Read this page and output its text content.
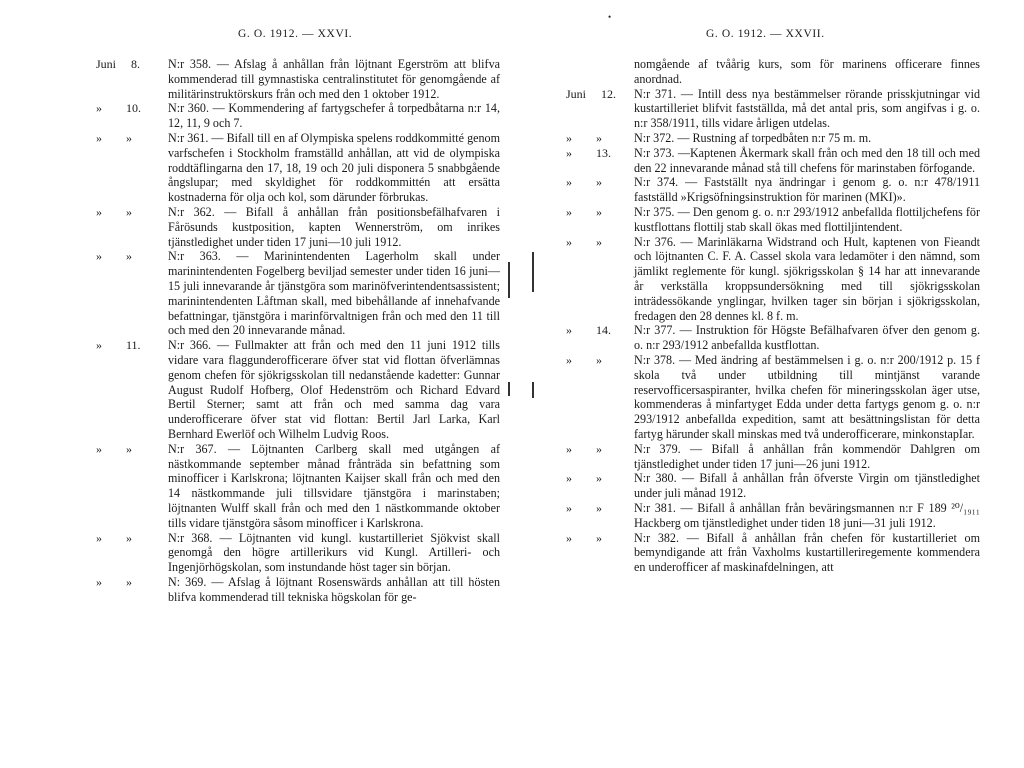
G. O. 1912. — XXVI.
Juni     8. N:r 358. — Afslag å anhållan från löjtnant Egerström att blifva kommenderad till gymnastiska centralinstitutet för genomgående af militärinstruktörskurs från och med den 1 oktober 1912.
»        10. N:r 360. — Kommendering af fartygschefer å torpedbåtarna n:r 14, 12, 11, 9 och 7.
»        »	N:r 361. — Bifall till en af Olympiska spelens roddkommitté genom varfschefen i Stockholm framställd anhållan, att vid de olympiska roddtäflingarna den 17, 18, 19 och 20 juli disponera 5 snabbgående ångslupar; med skyldighet för roddkommittén att ersätta kostnaderna för olja och kol, som därunder förbrukas.
»        »	N:r 362. — Bifall å anhållan från positionsbefälhafvaren i Fårösunds kustposition, kapten Wennerström, om inrikes tjänstledighet under tiden 17 juni—10 juli 1912.
»        »	N:r 363. — Marinintendenten Lagerholm skall under marinintendenten Fogelberg beviljad semester under tiden 16 juni—15 juli innevarande år tjänstgöra som marinöfverintendentsassistent; marinintendenten Låftman skall, med bibehållande af innehafvande befattningar, tjänstgöra i marinförvaltnigen från och med den 11 till och med den 20 innevarande månad.
»        11. N:r 366. — Fullmakter att från och med den 11 juni 1912 tills vidare vara flaggunderofficerare öfver stat vid flottan öfverlämnas genom chefen för sjökrigsskolan till nedanstående kadetter: Gunnar August Rudolf Hofberg, Olof Hedenström och Richard Edvard Bertil Sterner; samt att från och med samma dag vara underofficerare öfver stat vid flottan: Bertil Jarl Larka, Karl Bernhard Ewerlöf och Wilhelm Ludvig Roos.
»        »	N:r 367. — Löjtnanten Carlberg skall med utgången af nästkommande september månad frånträda sin befattning som minofficer i Karlskrona; löjtnanten Kaijser skall från och med den 14 nästkommande juli tillsvidare tjänstgöra i marinstaben; löjtnanten Wulff skall från och med den 1 nästkommande oktober tills vidare tjänstgöra såsom minofficer i Karlskrona.
»        »	N:r 368. — Löjtnanten vid kungl. kustartilleriet Sjökvist skall genomgå den högre artillerikurs vid Kungl. Artilleri- och Ingenjörhögskolan, som instundande höst tager sin början.
»        »	N: 369. — Afslag å löjtnant Rosenswärds anhållan att till hösten blifva kommenderad till tekniska högskolan för ge-
G. O. 1912. — XXVII.
nomgående af tvåårig kurs, som för marinens officerare finnes anordnad.
Juni     12. N:r 371. — Intill dess nya bestämmelser rörande prisskjutningar vid kustartilleriet blifvit fastställda, må det antal pris, som angifvas i g. o. n:r 358/1911, tills vidare årligen utdelas.
»        »	N:r 372. — Rustning af torpedbåten n:r 75 m. m.
»        13. N:r 373. —Kaptenen Åkermark skall från och med den 18 till och med den 22 innevarande månad stå till chefens för marinstaben förfogande.
»        »	N:r 374. — Fastställt nya ändringar i genom g. o. n:r 478/1911 fastställd »Krigsöfningsinstruktion för marinen (MKI)».
»        »	N:r 375. — Den genom g. o. n:r 293/1912 anbefallda flottiljchefens för kustflottans flottilj stab skall ökas med flottiljintendent.
»        »	N:r 376. — Marinläkarna Widstrand och Hult, kaptenen von Fieandt och löjtnanten C. F. A. Cassel skola vara ledamöter i den nämnd, som jämlikt reglemente för kungl. sjökrigsskolan § 14 har att innevarande år verkställa kroppsundersökning med till sjökrigsskolan inträdessökande ynglingar, hvilken tager sin början i sjökrigsskolan, fredagen den 28 dennes kl. 8 f. m.
»        14. N:r 377. — Instruktion för Högste Befälhafvaren öfver den genom g. o. n:r 293/1912 anbefallda kustflottan.
»        »	N:r 378. — Med ändring af bestämmelsen i g. o. n:r 200/1912 p. 15 f skola två under utbildning till mintjänst varande reservofficersaspiranter, hvilka chefen för mineringsskolan äger utse, kommenderas å minfartyget Edda under detta fartygs genom g. o. n:r 293/1912 anbefallda expedition, samt att besättningslistan för detta fartyg härunder skall minskas med två underofficerare, minkonstapIar.
»        »	N:r 379. — Bifall å anhållan från kommendör Dahlgren om tjänstledighet under tiden 17 juni—26 juni 1912.
»        »	N:r 380. — Bifall å anhållan från öfverste Virgin om tjänstledighet under juli månad 1912.
»        »	N:r 381. — Bifall å anhållan från beväringsmannen n:r F 189 ²⁰/₁₉₁₁ Hackberg om tjänstledighet under tiden 18 juni—31 juli 1912.
»        »	N:r 382. — Bifall å anhållan från chefen för kustartilleriet om bemyndigande att från Vaxholms kustartilleriregemente kommendera en underofficer af maskinafdelningen, att
•
